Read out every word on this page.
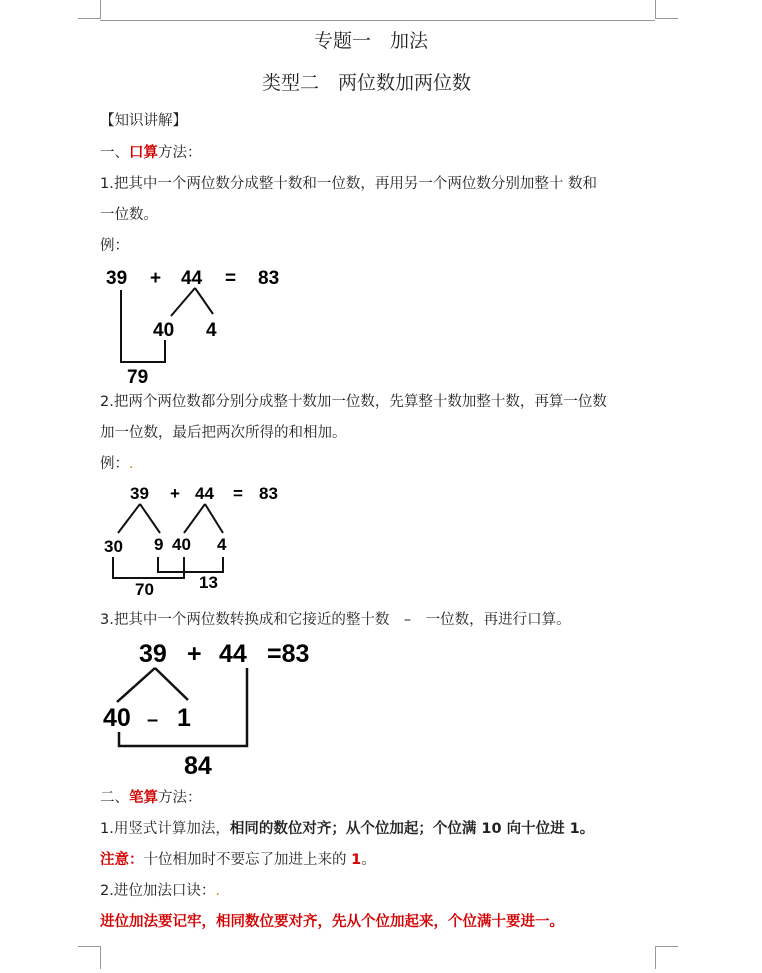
专题一　加法
类型二　两位数加两位数
【知识讲解】
一、口算方法：
1.把其中一个两位数分成整十数和一位数，再用另一个两位数分别加整十 数和
一位数。
例：
39 + 44 = 83
40 4
79
2.把两个两位数都分别分成整十数加一位数，先算整十数加整十数，再算一位数
加一位数，最后把两次所得的和相加。
例：.
39 + 44 = 83
30 9 40 4
70	13
3.把其中一个两位数转换成和它接近的整十数　–　一位数，再进行口算。
39 + 44 =83
40 – 1
84
二、笔算方法：
1.用竖式计算加法，相同的数位对齐；从个位加起；个位满 10 向十位进 1。
注意：十位相加时不要忘了加进上来的 1。
2.进位加法口诀：.
进位加法要记牢，相同数位要对齐，先从个位加起来，个位满十要进一。
